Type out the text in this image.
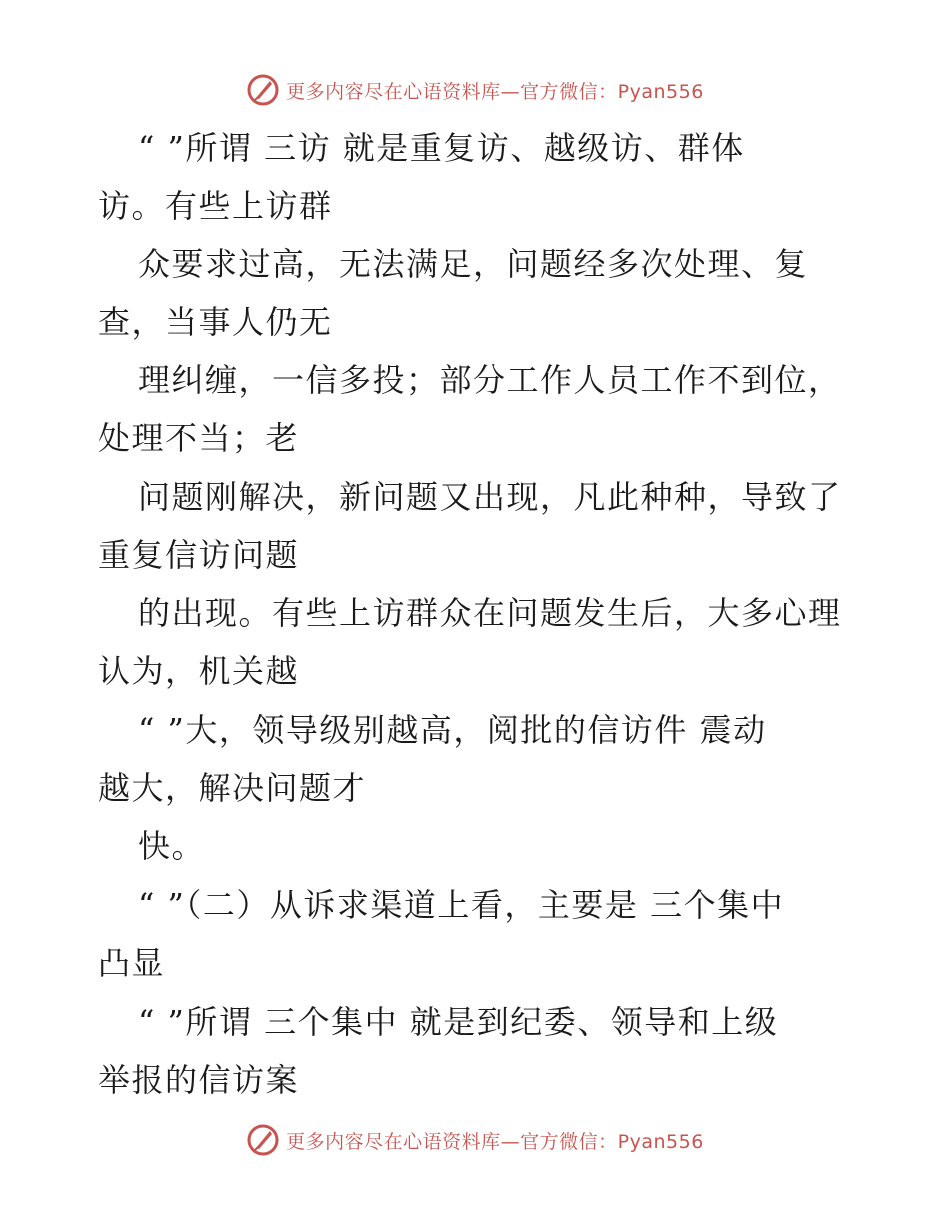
更多内容尽在心语资料库—官方微信：Pyan556
“ ”所谓 三访 就是重复访、越级访、群体
访。有些上访群
众要求过高，无法满足，问题经多次处理、复
查，当事人仍无
理纠缠，一信多投；部分工作人员工作不到位，
处理不当；老
问题刚解决，新问题又出现，凡此种种，导致了
重复信访问题
的出现。有些上访群众在问题发生后，大多心理
认为，机关越
“ ”大，领导级别越高，阅批的信访件 震动
越大，解决问题才
快。
“ ”（二）从诉求渠道上看，主要是 三个集中
凸显
“ ”所谓 三个集中 就是到纪委、领导和上级
举报的信访案
更多内容尽在心语资料库—官方微信：Pyan556
